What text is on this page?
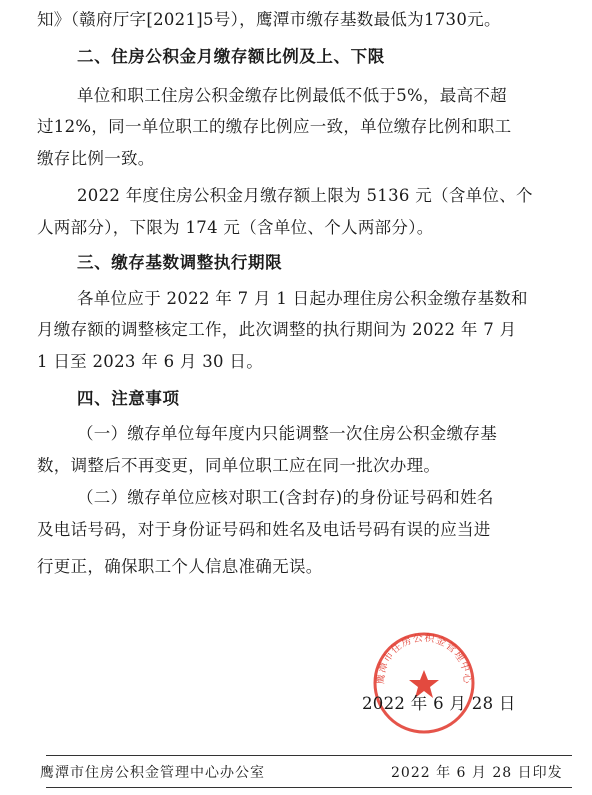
知》（赣府厅字[2021]5号），鹰潭市缴存基数最低为1730元。
二、住房公积金月缴存额比例及上、下限
单位和职工住房公积金缴存比例最低不低于5%，最高不超
过12%，同一单位职工的缴存比例应一致，单位缴存比例和职工
缴存比例一致。
2022 年度住房公积金月缴存额上限为 5136 元（含单位、个
人两部分），下限为 174 元（含单位、个人两部分）。
三、缴存基数调整执行期限
各单位应于 2022 年 7 月 1 日起办理住房公积金缴存基数和
月缴存额的调整核定工作，此次调整的执行期间为 2022 年 7 月
1 日至 2023 年 6 月 30 日。
四、注意事项
（一）缴存单位每年度内只能调整一次住房公积金缴存基
数，调整后不再变更，同单位职工应在同一批次办理。
（二）缴存单位应核对职工(含封存)的身份证号码和姓名
及电话号码，对于身份证号码和姓名及电话号码有误的应当进
行更正，确保职工个人信息准确无误。
鹰潭市住房公积金管理中心
2022 年 6 月 28 日
鹰潭市住房公积金管理中心办公室	2022 年 6 月 28 日印发
